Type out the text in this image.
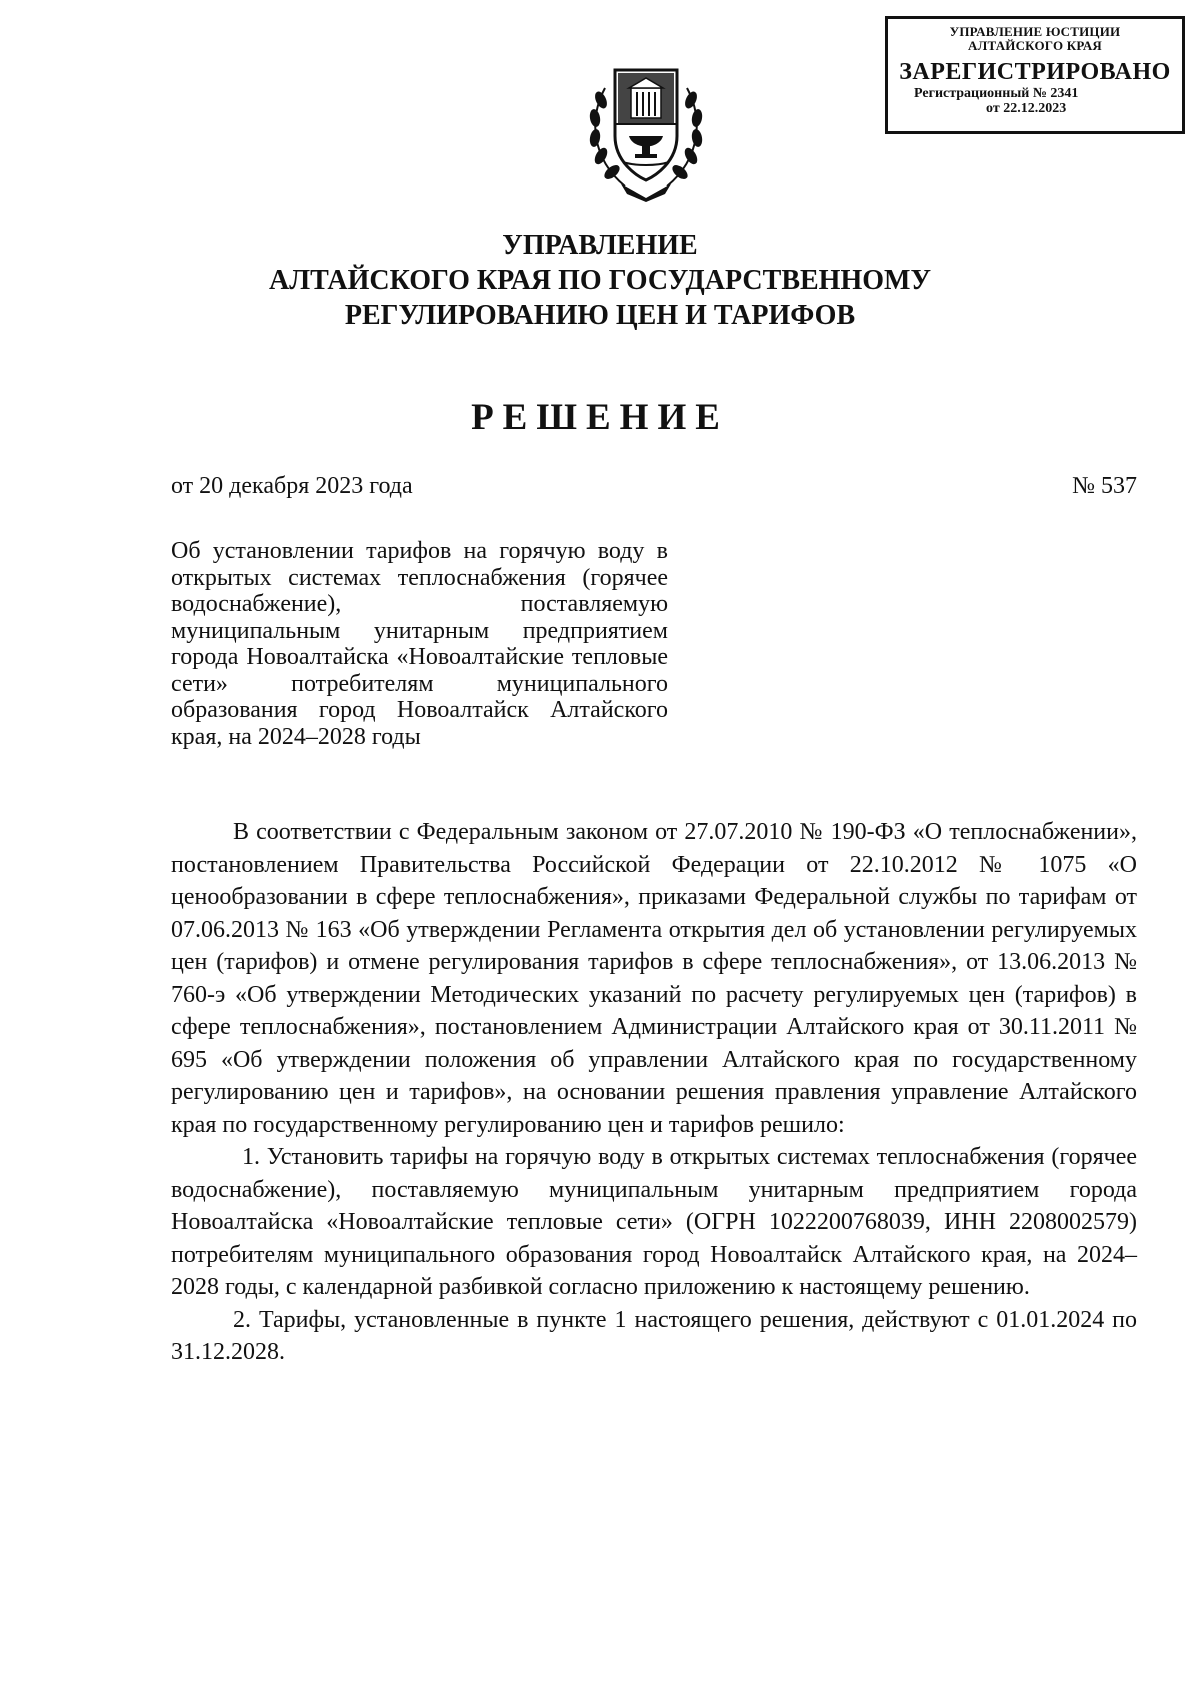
УПРАВЛЕНИЕ ЮСТИЦИИ
АЛТАЙСКОГО КРАЯ
ЗАРЕГИСТРИРОВАНО
Регистрационный № 2341
от 22.12.2023
УПРАВЛЕНИЕ
АЛТАЙСКОГО КРАЯ ПО ГОСУДАРСТВЕННОМУ
РЕГУЛИРОВАНИЮ ЦЕН И ТАРИФОВ
РЕШЕНИЕ
от 20 декабря 2023 года	№ 537
Об установлении тарифов на горячую воду в открытых системах теплоснабжения (горячее водоснабжение), поставляемую муниципальным унитарным предприятием города Новоалтайска «Новоалтайские тепловые сети» потребителям муниципального образования город Новоалтайск Алтайского края, на 2024–2028 годы

В соответствии с Федеральным законом от 27.07.2010 № 190-ФЗ «О теплоснабжении», постановлением Правительства Российской Федерации от 22.10.2012 № 1075 «О ценообразовании в сфере теплоснабжения», приказами Федеральной службы по тарифам от 07.06.2013 № 163 «Об утверждении Регламента открытия дел об установлении регулируемых цен (тарифов) и отмене регулирования тарифов в сфере теплоснабжения», от 13.06.2013 № 760-э «Об утверждении Методических указаний по расчету регулируемых цен (тарифов) в сфере теплоснабжения», постановлением Администрации Алтайского края от 30.11.2011 № 695 «Об утверждении положения об управлении Алтайского края по государственному регулированию цен и тарифов», на основании решения правления управление Алтайского края по государственному регулированию цен и тарифов решило:

1. Установить тарифы на горячую воду в открытых системах теплоснабжения (горячее водоснабжение), поставляемую муниципальным унитарным предприятием города Новоалтайска «Новоалтайские тепловые сети» (ОГРН 1022200768039, ИНН 2208002579) потребителям муниципального образования город Новоалтайск Алтайского края, на 2024–2028 годы, с календарной разбивкой согласно приложению к настоящему решению.

2. Тарифы, установленные в пункте 1 настоящего решения, действуют с 01.01.2024 по 31.12.2028.
